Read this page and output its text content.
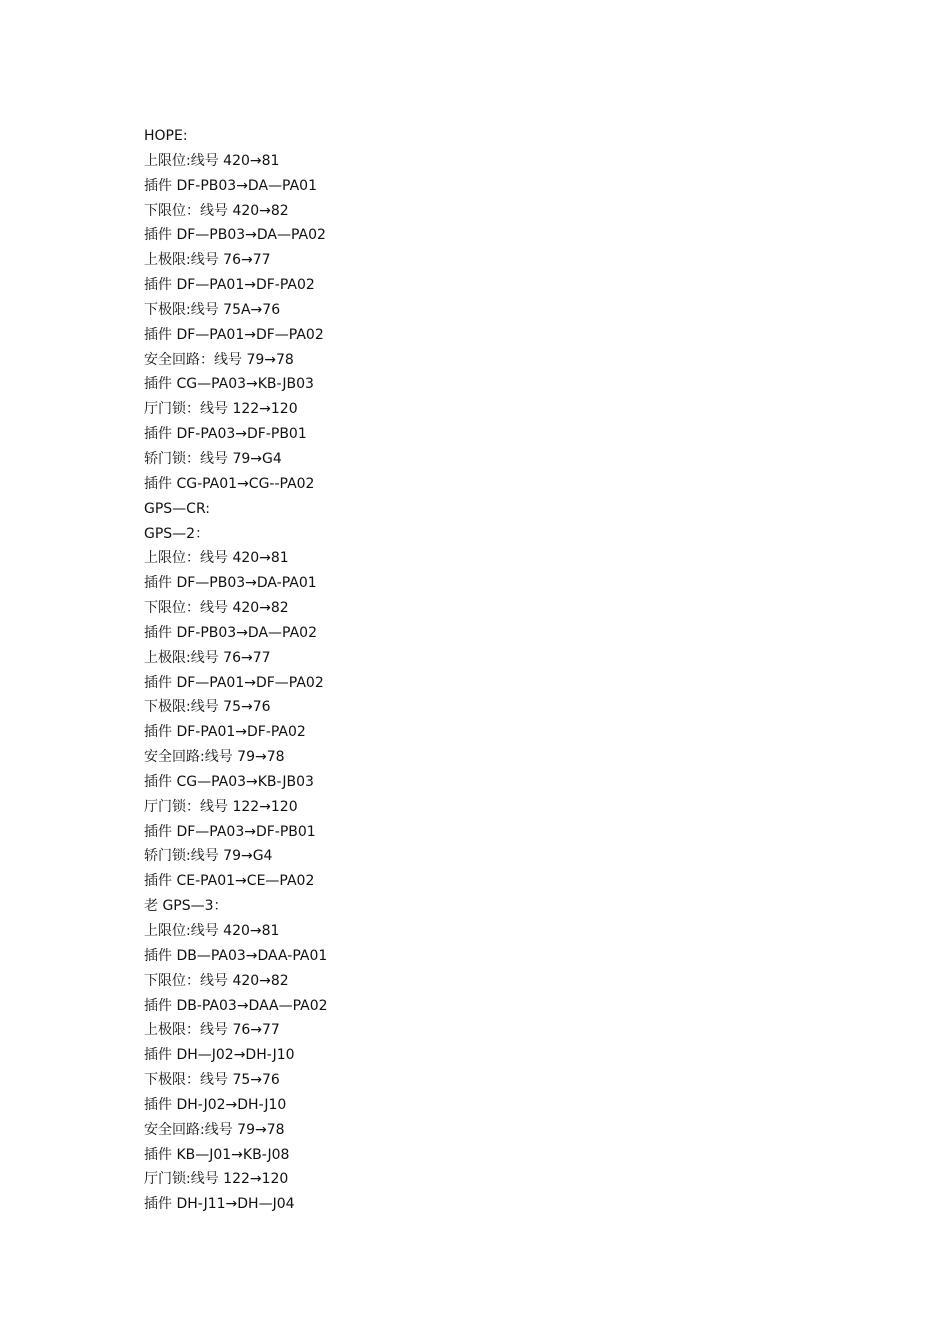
HOPE:
上限位:线号 420→81
插件 DF-PB03→DA—PA01
下限位：线号 420→82
插件 DF—PB03→DA—PA02
上极限:线号 76→77
插件 DF—PA01→DF-PA02
下极限:线号 75A→76
插件 DF—PA01→DF—PA02
安全回路：线号 79→78
插件 CG—PA03→KB-JB03
厅门锁：线号 122→120
插件 DF-PA03→DF-PB01
轿门锁：线号 79→G4
插件 CG-PA01→CG--PA02
GPS—CR:
GPS—2：
上限位：线号 420→81
插件 DF—PB03→DA-PA01
下限位：线号 420→82
插件 DF-PB03→DA—PA02
上极限:线号 76→77
插件 DF—PA01→DF—PA02
下极限:线号 75→76
插件 DF-PA01→DF-PA02
安全回路:线号 79→78
插件 CG—PA03→KB-JB03
厅门锁：线号 122→120
插件 DF—PA03→DF-PB01
轿门锁:线号 79→G4
插件 CE-PA01→CE—PA02
老 GPS—3：
上限位:线号 420→81
插件 DB—PA03→DAA-PA01
下限位：线号 420→82
插件 DB-PA03→DAA—PA02
上极限：线号 76→77
插件 DH—J02→DH-J10
下极限：线号 75→76
插件 DH-J02→DH-J10
安全回路:线号 79→78
插件 KB—J01→KB-J08
厅门锁:线号 122→120
插件 DH-J11→DH—J04
